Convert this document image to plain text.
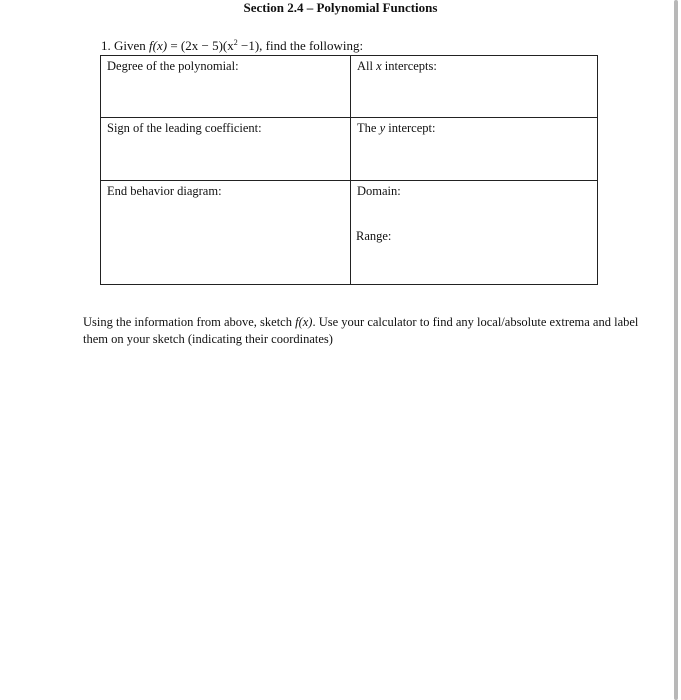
Section 2.4 – Polynomial Functions
1. Given $f(x) = (2x - 5)(x^2 -1)$, find the following:
Degree of the polynomial:	All x intercepts:
Sign of the leading coefficient:	The y intercept:
End behavior diagram:	Domain:
Range:
Using the information from above, sketch f(x). Use your calculator to find any local/absolute extrema and label them on your sketch (indicating their coordinates)
